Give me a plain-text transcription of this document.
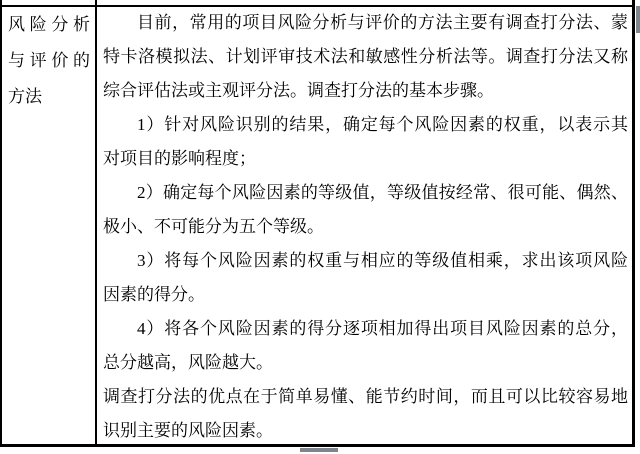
风险分析
与评价的
方法
目前，常用的项目风险分析与评价的方法主要有调查打分法、蒙
特卡洛模拟法、计划评审技术法和敏感性分析法等。调查打分法又称
综合评估法或主观评分法。调查打分法的基本步骤。
1）针对风险识别的结果，确定每个风险因素的权重，以表示其
对项目的影响程度；
2）确定每个风险因素的等级值，等级值按经常、很可能、偶然、
极小、不可能分为五个等级。
3）将每个风险因素的权重与相应的等级值相乘，求出该项风险
因素的得分。
4）将各个风险因素的得分逐项相加得出项目风险因素的总分，
总分越高，风险越大。
调查打分法的优点在于简单易懂、能节约时间，而且可以比较容易地
识别主要的风险因素。
